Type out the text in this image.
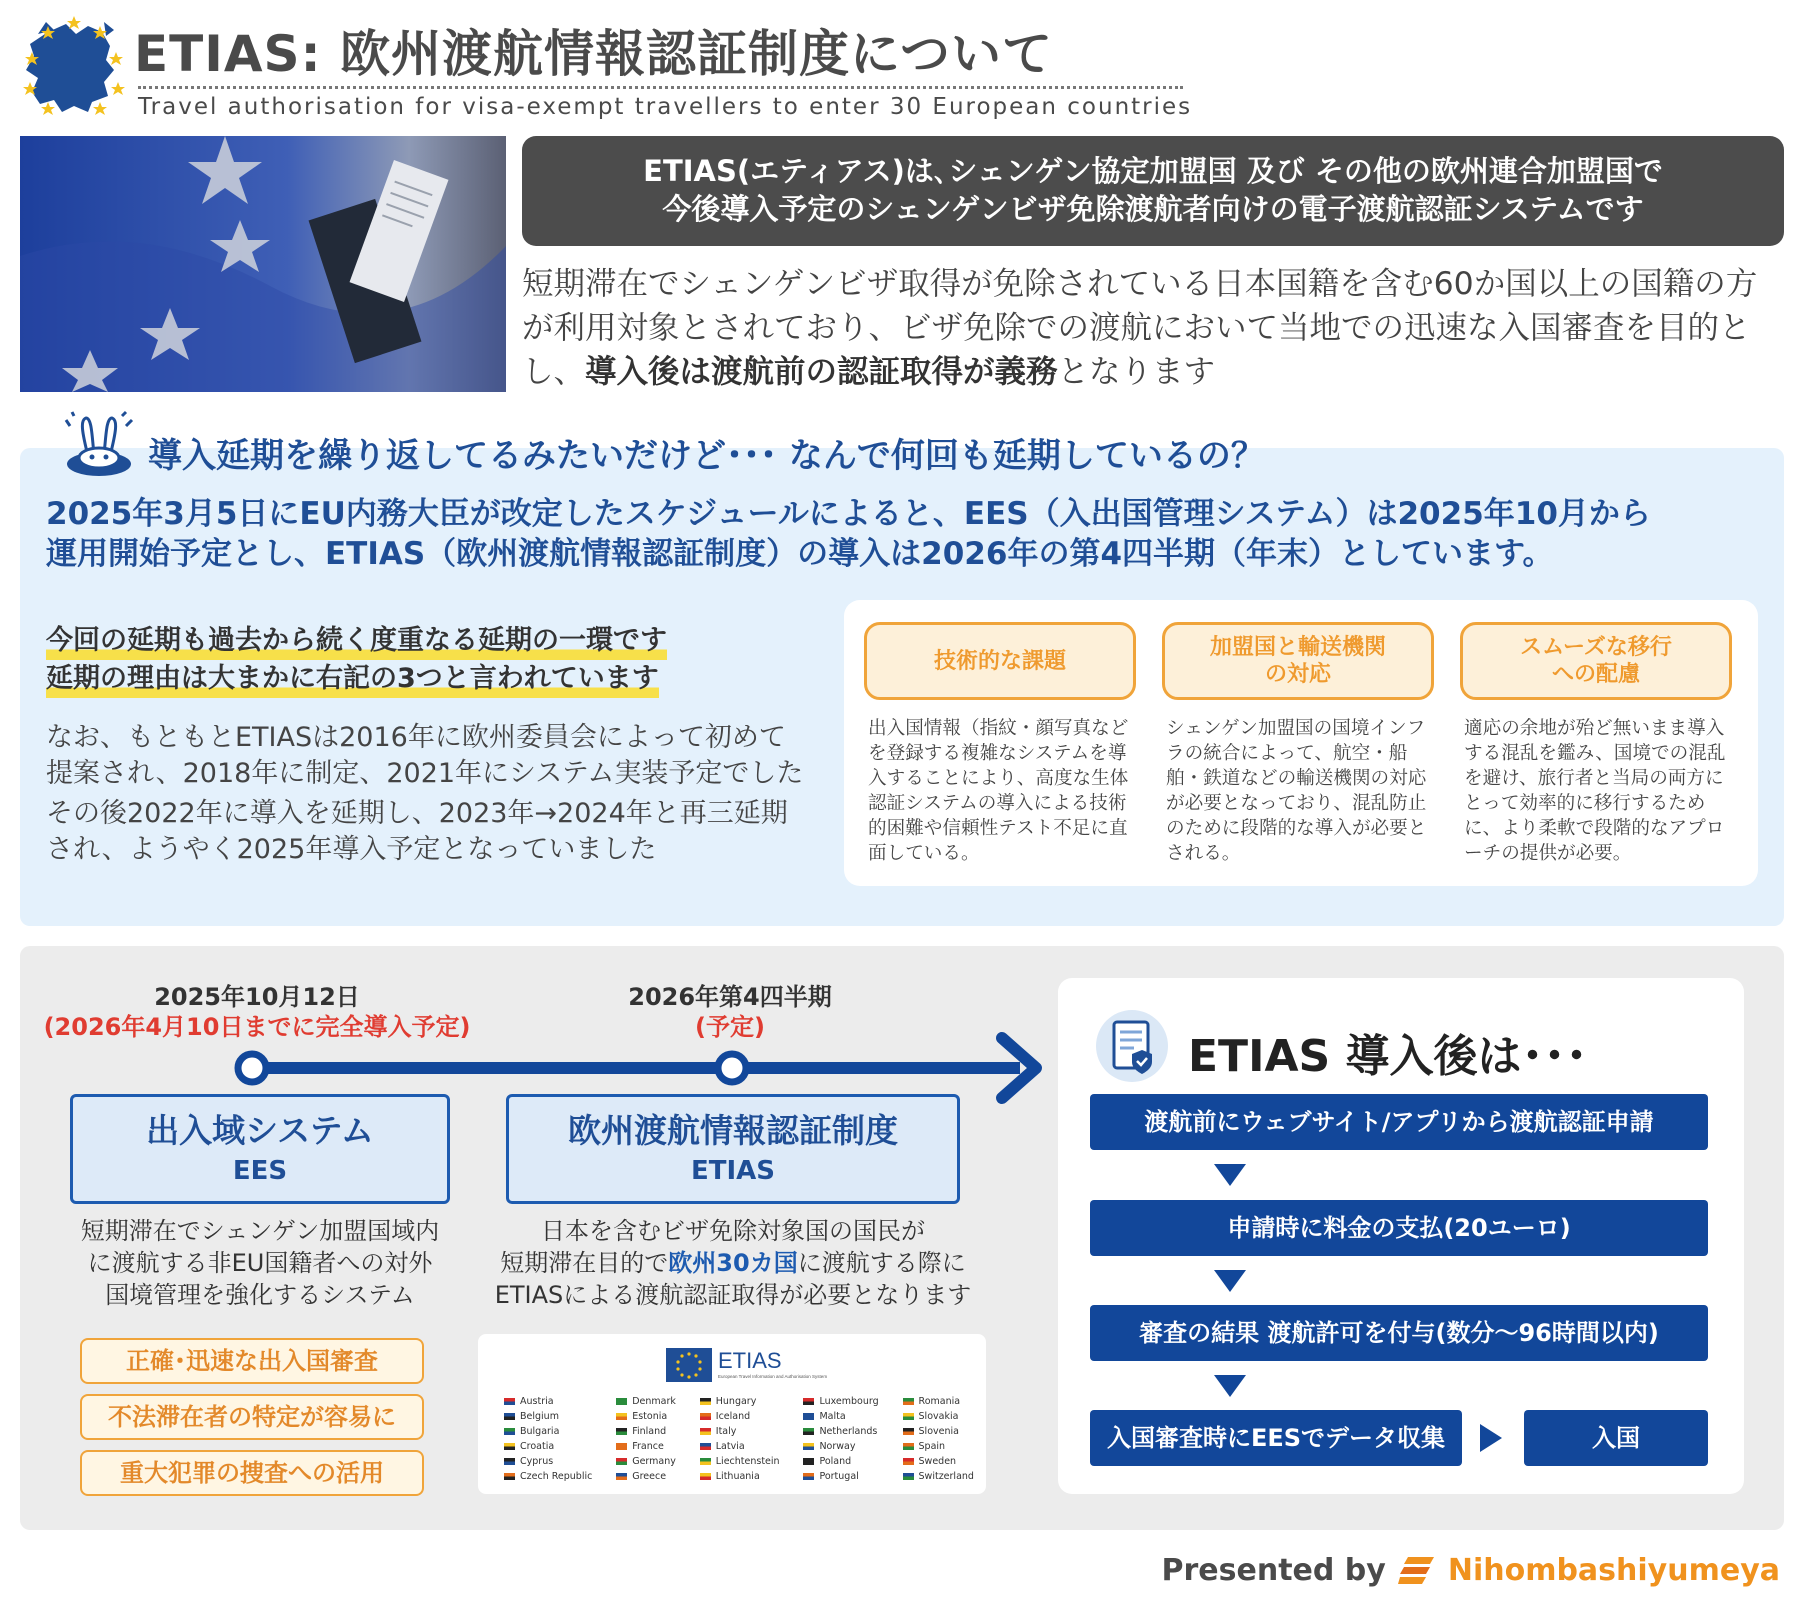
ETIAS: 欧州渡航情報認証制度について
Travel authorisation for visa-exempt travellers to enter 30 European countries
ETIAS(エティアス)は､シェンゲン協定加盟国 及び その他の欧州連合加盟国で
今後導入予定のシェンゲンビザ免除渡航者向けの電子渡航認証システムです
短期滞在でシェンゲンビザ取得が免除されている日本国籍を含む60か国以上の国籍の方が利用対象とされており、ビザ免除での渡航において当地での迅速な入国審査を目的とし、導入後は渡航前の認証取得が義務となります
導入延期を繰り返してるみたいだけど･･･ なんで何回も延期しているの？
2025年3月5日にEU内務大臣が改定したスケジュールによると、EES（入出国管理システム）は2025年10月から
運用開始予定とし、ETIAS（欧州渡航情報認証制度）の導入は2026年の第4四半期（年末）としています。
今回の延期も過去から続く度重なる延期の一環です
延期の理由は大まかに右記の3つと言われています

なお、もともとETIASは2016年に欧州委員会によって初めて
提案され、2018年に制定、2021年にシステム実装予定でした

その後2022年に導入を延期し、2023年→2024年と再三延期
され、ようやく2025年導入予定となっていました

技術的な課題

出入国情報（指紋・顔写真などを登録する複雑なシステムを導入することにより、高度な生体認証システムの導入による技術的困難や信頼性テスト不足に直面している。
加盟国と輸送機関
の対応
シェンゲン加盟国の国境インフラの統合によって、航空・船舶・鉄道などの輸送機関の対応が必要となっており、混乱防止のために段階的な導入が必要とされる。
スムーズな移行
への配慮
適応の余地が殆ど無いまま導入する混乱を鑑み、国境での混乱を避け、旅行者と当局の両方にとって効率的に移行するために、より柔軟で段階的なアプローチの提供が必要。
2025年10月12日
(2026年4月10日までに完全導入予定)
2026年第4四半期
(予定)
出入域システム
EES
欧州渡航情報認証制度
ETIAS
短期滞在でシェンゲン加盟国域内
に渡航する非EU国籍者への対外
国境管理を強化するシステム
日本を含むビザ免除対象国の国民が
短期滞在目的で欧州30カ国に渡航する際に
ETIASによる渡航認証取得が必要となります
正確･迅速な出入国審査
不法滞在者の特定が容易に
重大犯罪の捜査への活用
ETIAS
European Travel Information and Authorisation System
Austria
Belgium
Bulgaria
Croatia
Cyprus
Czech Republic
Denmark
Estonia
Finland
France
Germany
Greece
Hungary
Iceland
Italy
Latvia
Liechtenstein
Lithuania
Luxembourg
Malta
Netherlands
Norway
Poland
Portugal
Romania
Slovakia
Slovenia
Spain
Sweden
Switzerland
ETIAS 導入後は･･･
渡航前にウェブサイト/アプリから渡航認証申請
申請時に料金の支払(20ユーロ)
審査の結果 渡航許可を付与(数分～96時間以内)
入国審査時にEESでデータ収集	入国
Presented by Nihombashiyumeya
